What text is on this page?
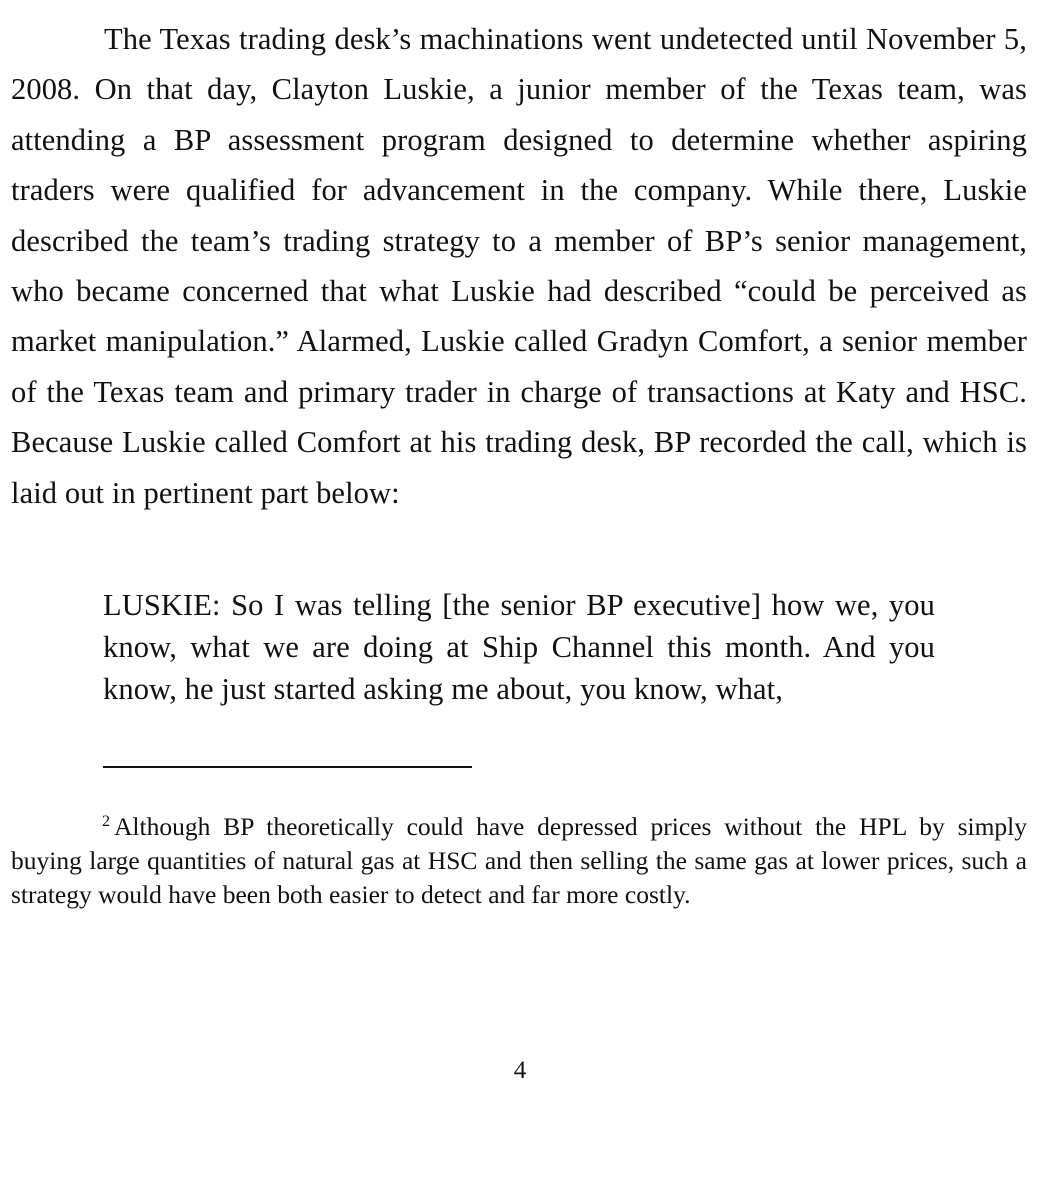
The Texas trading desk’s machinations went undetected until November 5, 2008. On that day, Clayton Luskie, a junior member of the Texas team, was attending a BP assessment program designed to determine whether aspiring traders were qualified for advancement in the company. While there, Luskie described the team’s trading strategy to a member of BP’s senior management, who became concerned that what Luskie had described “could be perceived as market manipulation.” Alarmed, Luskie called Gradyn Comfort, a senior member of the Texas team and primary trader in charge of transactions at Katy and HSC. Because Luskie called Comfort at his trading desk, BP recorded the call, which is laid out in pertinent part below:

LUSKIE: So I was telling [the senior BP executive] how we, you know, what we are doing at Ship Channel this month. And you know, he just started asking me about, you know, what,

$^2$ Although BP theoretically could have depressed prices without the HPL by simply buying large quantities of natural gas at HSC and then selling the same gas at lower prices, such a strategy would have been both easier to detect and far more costly.

4
